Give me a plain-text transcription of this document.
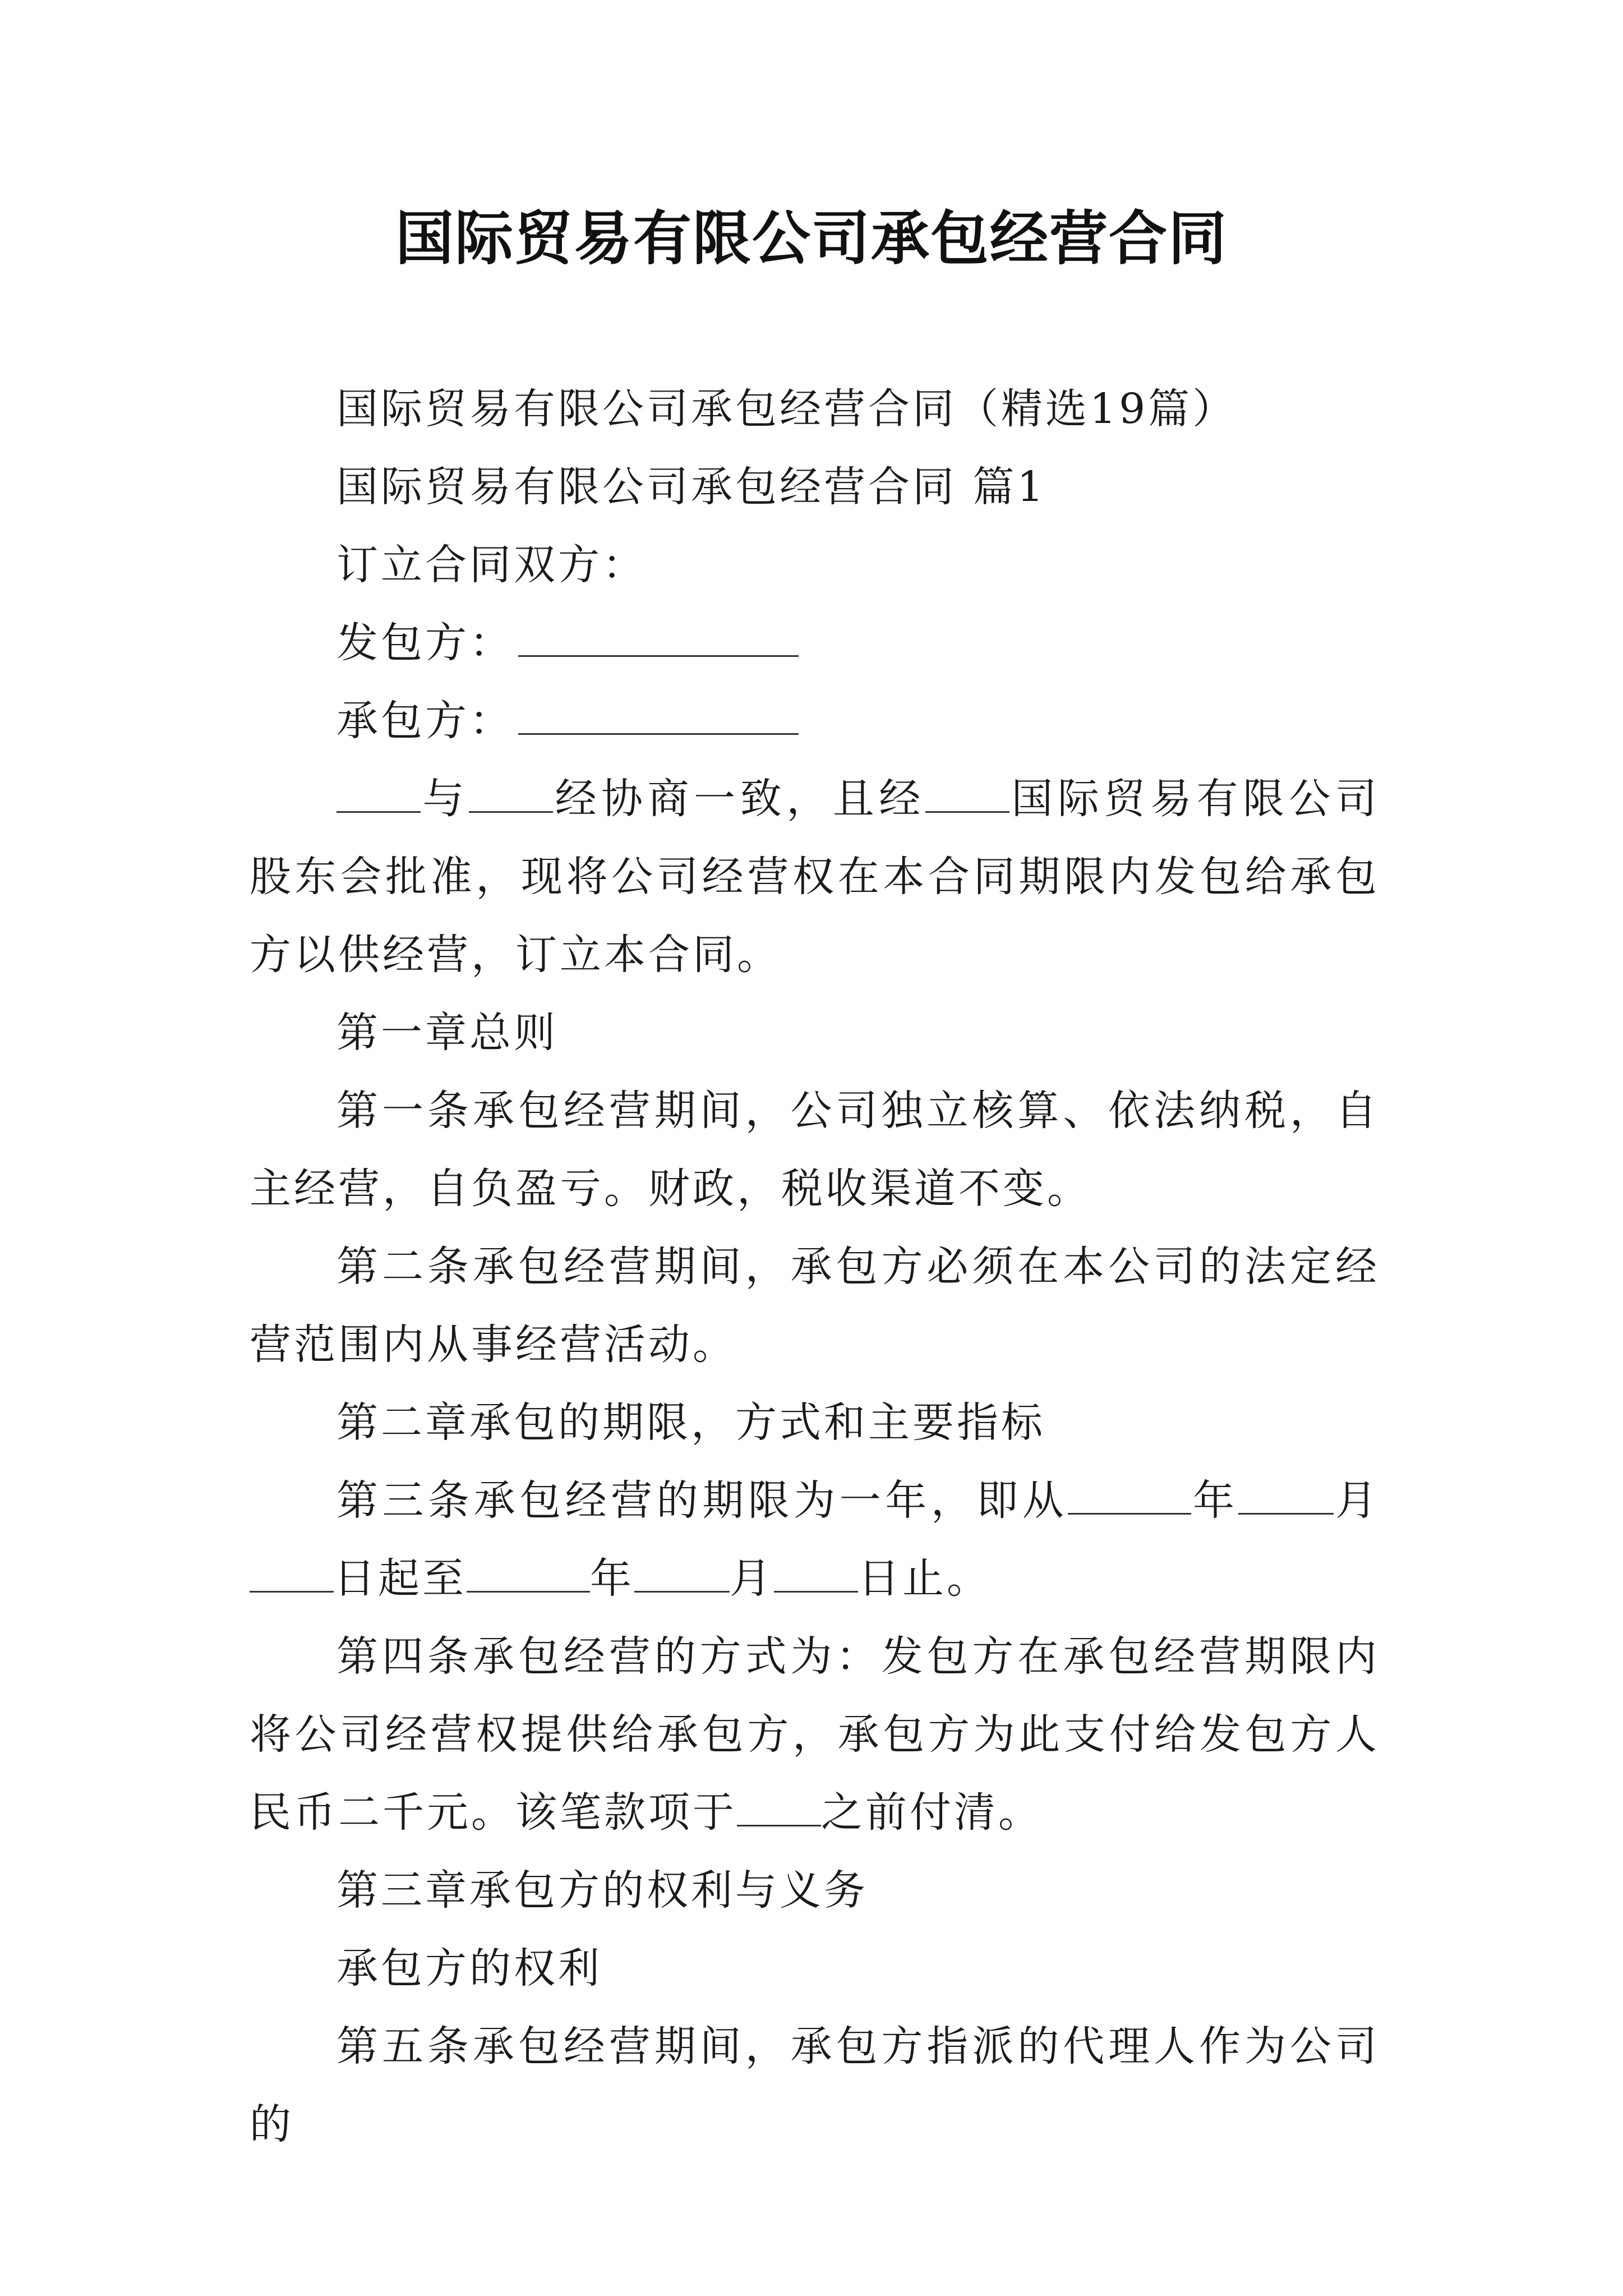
国际贸易有限公司承包经营合同

国际贸易有限公司承包经营合同（精选19篇）

国际贸易有限公司承包经营合同 篇1

订立合同双方：

发包方：

承包方：

与 经协商一致，且经 国际贸易有限公司股东会批准，现将公司经营权在本合同期限内发包给承包方以供经营，订立本合同。

第一章总则

第一条承包经营期间，公司独立核算、依法纳税，自主经营，自负盈亏。财政，税收渠道不变。

第二条承包经营期间，承包方必须在本公司的法定经营范围内从事经营活动。

第二章承包的期限，方式和主要指标

第三条承包经营的期限为一年，即从	年 月日起至	年 月 日止。

第四条承包经营的方式为：发包方在承包经营期限内将公司经营权提供给承包方，承包方为此支付给发包方人民币二千元。该笔款项于 之前付清。

第三章承包方的权利与义务

承包方的权利

第五条承包经营期间，承包方指派的代理人作为公司的
